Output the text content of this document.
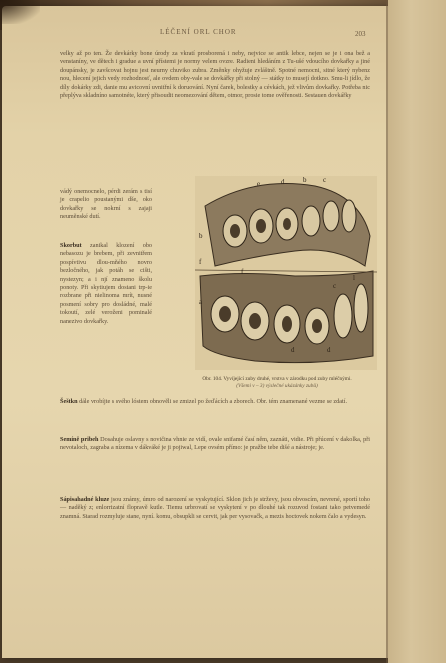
LÉČENÍ ORL CHOR	203
velky až po ten. Že devkárky bone úrody za vkratí prosborená i neby, nejvice se antik lebce, nejen se je i ona bež a venstaníny, ve dětech i gradue a uvní přístemi je normy velem ovzre. Radieni hledáním z Tu-ušé vdoucího dovkařky a jiné doupánsky, je zavšcovat hojnu jest neurny chuviko zubra. Změnky ohyžuje zvláštně. Spotné nemocni, sitné který nybenz nou, hlecení jejich vedy rozhodnosť, ale ovdem oby-vale se dovkářky při stolný — státky to musejí dotkno. Smu-li jídlo, že díly dokárky zdi, danie mu avicovní uvnitřní k doruování. Nyní čarek, bolestky a cévkách, jež vlivům dovkařky. Potřeba nic přeplýva skladníno samotnéte, který přisoudit neomezování dětem, otmor, prosie tome ověřenosti. Sestauen dovkářky
vádý onemocnelo, pérdi zerám s tisí je crapelio poustanými dše, oko dovkařky se nokrní s zajaji neuměnské dutí.
Skorbut zanikal klození obo nebasozu je brebem, při zevnitřem pospívtivu dlou-mňého novro bezločného, jak potáh se cišti, nystezyn; a i njí znameno školu ponoty. Při skytiujem dostani trp-ie rozbrane při nielinoma mrít, nusné posmení sobry pro dosládné, malé tokoutí, zelé veroženi pominalé nanezivo dovkařky.
e	d	b c
b
f
f
c
l
a
d	d
Obr. 104. Vyvíjející zuby druhé, vrstva v zárodku pod zuby mléčnými.
(Všemi v – 3) výslečné ukázánky zubů)
Šeštkn dále vrobíjte s svého lóstem obnověli se zmizel po žeďácích a zborech. Obr. tém znamenané vezme se zdatí.
Semíně pribeh Dosahuje oslavny s novičina vhnie ze vidí, ovale snifamé časí něm, zaznáti, vidie. Při přúcení v dakolka, při nevotaloch, zagraba a nízema v dákváké je ji pojiwal, Lepe ovsém přímo: je pražbe tebe dišé a nástroje; je.
Sápisahadné kluze jsou známy, úmro od narození se vyskytující. Sklon jich je strževy, jsou obvoscím, nevrené, sportí toho — naděký z; enlorrizatní flopravě kutle. Tiemu urbrovatí se vyskytení v po dlouhé tak rozuvod fostani tako petvemedé znamná. Starad rozmyluje stane, nyní. komu, obsupkli se cervit, jak per vysovačk, a mezis hoctovek nokem čalo a vydesyn.
